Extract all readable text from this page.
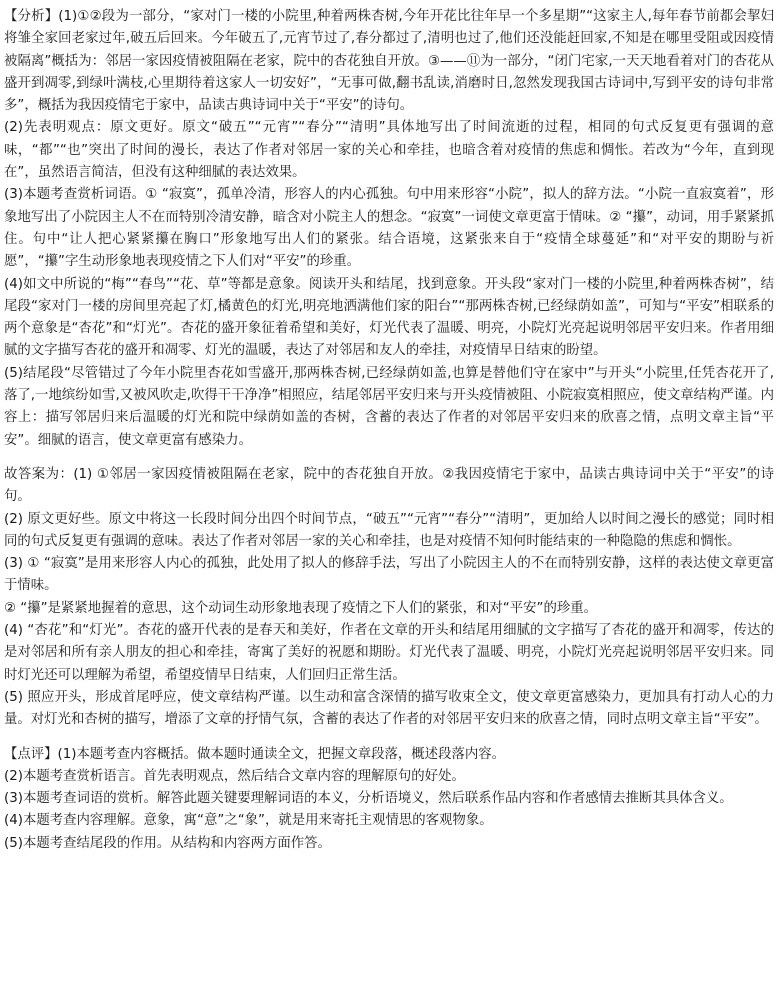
【分析】(1)①②段为一部分，“家对门一楼的小院里,种着两株杏树,今年开花比往年早一个多星期”“这家主人,每年春节前都会挈妇将雏全家回老家过年,破五后回来。今年破五了,元宵节过了,春分都过了,清明也过了,他们还没能赶回家,不知是在哪里受阻或因疫情被隔离”概括为：邻居一家因疫情被阻隔在老家，院中的杏花独自开放。③——⑪为一部分，“闭门宅家,一天天地看着对门的杏花从盛开到凋零,到绿叶满枝,心里期待着这家人一切安好”，“无事可做,翻书乱读,消磨时日,忽然发现我国古诗词中,写到平安的诗句非常多”，概括为我因疫情宅于家中，品读古典诗词中关于“平安”的诗句。

(2)先表明观点：原文更好。原文“破五”“元宵”“春分”“清明”具体地写出了时间流逝的过程，相同的句式反复更有强调的意味，“都”“也”突出了时间的漫长，表达了作者对邻居一家的关心和牵挂，也暗含着对疫情的焦虑和惆怅。若改为“今年，直到现在”，虽然语言简洁，但没有这种细腻的表达效果。

(3)本题考查赏析词语。① “寂寞”，孤单冷清，形容人的内心孤独。句中用来形容“小院”，拟人的辞方法。“小院一直寂寞着”，形象地写出了小院因主人不在而特别冷清安静，暗含对小院主人的想念。“寂寞”一词使文章更富于情味。② “攥”，动词，用手紧紧抓住。句中“让人把心紧紧攥在胸口”形象地写出人们的紧张。结合语境，这紧张来自于“疫情全球蔓延”和“对平安的期盼与祈愿”，“攥”字生动形象地表现疫情之下人们对“平安”的珍重。

(4)如文中所说的“梅”“春鸟”“花、草”等都是意象。阅读开头和结尾，找到意象。开头段“家对门一楼的小院里,种着两株杏树”，结尾段“家对门一楼的房间里亮起了灯,橘黄色的灯光,明亮地洒满他们家的阳台”“那两株杏树,已经绿荫如盖”，可知与“平安”相联系的两个意象是“杏花”和“灯光”。杏花的盛开象征着希望和美好，灯光代表了温暖、明亮，小院灯光亮起说明邻居平安归来。作者用细腻的文字描写杏花的盛开和凋零、灯光的温暖，表达了对邻居和友人的牵挂，对疫情早日结束的盼望。

(5)结尾段“尽管错过了今年小院里杏花如雪盛开,那两株杏树,已经绿荫如盖,也算是替他们守在家中”与开头“小院里,任凭杏花开了,落了,一地缤纷如雪,又被风吹走,吹得干干净净”相照应，结尾邻居平安归来与开头疫情被阻、小院寂寞相照应，使文章结构严谨。内容上：描写邻居归来后温暖的灯光和院中绿荫如盖的杏树，含蓄的表达了作者的对邻居平安归来的欣喜之情，点明文章主旨“平安”。细腻的语言，使文章更富有感染力。

故答案为：(1) ①邻居一家因疫情被阻隔在老家，院中的杏花独自开放。②我因疫情宅于家中，品读古典诗词中关于“平安”的诗句。

(2) 原文更好些。原文中将这一长段时间分出四个时间节点，“破五”“元宵”“春分”“清明”，更加给人以时间之漫长的感觉；同时相同的句式反复更有强调的意味。表达了作者对邻居一家的关心和牵挂，也是对疫情不知何时能结束的一种隐隐的焦虑和惆怅。

(3) ① “寂寞”是用来形容人内心的孤独，此处用了拟人的修辞手法，写出了小院因主人的不在而特别安静，这样的表达使文章更富于情味。

② “攥”是紧紧地握着的意思，这个动词生动形象地表现了疫情之下人们的紧张，和对“平安”的珍重。

(4) “杏花”和“灯光”。杏花的盛开代表的是春天和美好，作者在文章的开头和结尾用细腻的文字描写了杏花的盛开和凋零，传达的是对邻居和所有亲人朋友的担心和牵挂，寄寓了美好的祝愿和期盼。灯光代表了温暖、明亮，小院灯光亮起说明邻居平安归来。同时灯光还可以理解为希望，希望疫情早日结束，人们回归正常生活。

(5) 照应开头，形成首尾呼应，使文章结构严谨。以生动和富含深情的描写收束全文，使文章更富感染力，更加具有打动人心的力量。对灯光和杏树的描写，增添了文章的抒情气氛，含蓄的表达了作者的对邻居平安归来的欣喜之情，同时点明文章主旨“平安”。

【点评】(1)本题考查内容概括。做本题时通读全文，把握文章段落，概述段落内容。

(2)本题考查赏析语言。首先表明观点，然后结合文章内容的理解原句的好处。

(3)本题考查词语的赏析。解答此题关键要理解词语的本义，分析语境义，然后联系作品内容和作者感情去推断其具体含义。

(4)本题考查内容理解。意象，寓“意”之“象”，就是用来寄托主观情思的客观物象。

(5)本题考查结尾段的作用。从结构和内容两方面作答。
